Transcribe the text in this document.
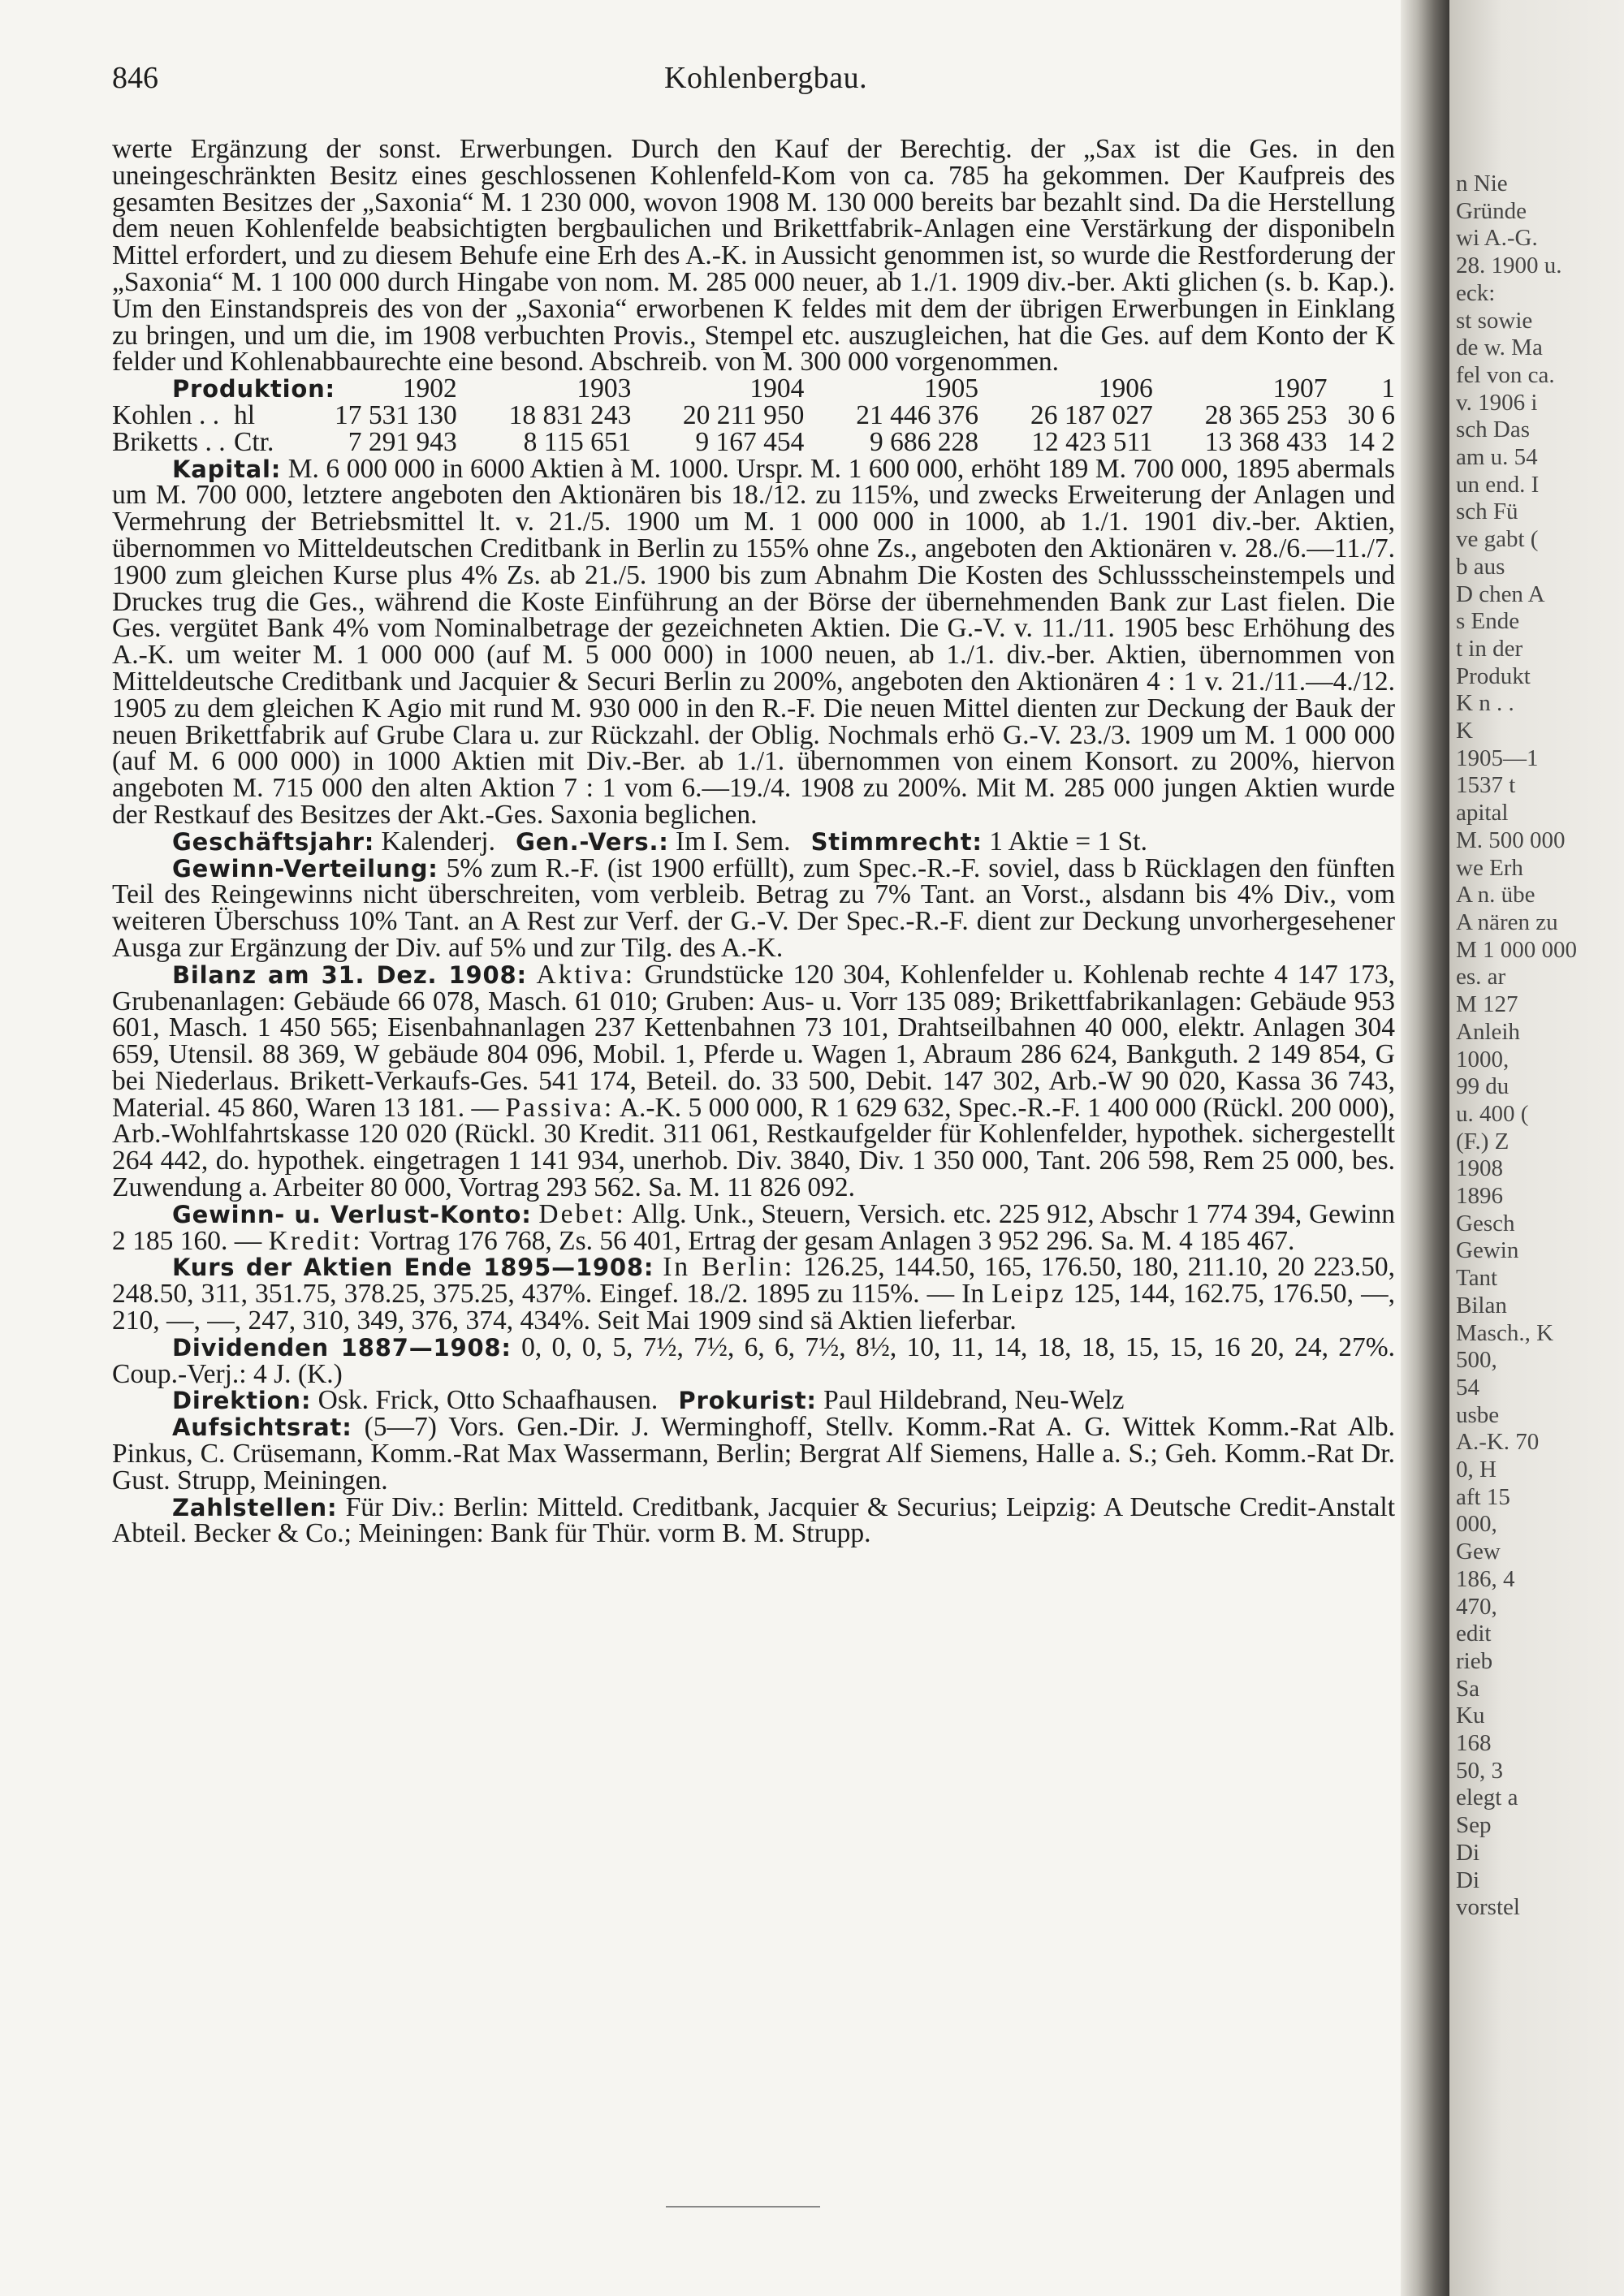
846	Kohlenbergbau.

werte Ergänzung der sonst. Erwerbungen. Durch den Kauf der Berechtig. der „Sax ist die Ges. in den uneingeschränkten Besitz eines geschlossenen Kohlenfeld-Kom von ca. 785 ha gekommen. Der Kaufpreis des gesamten Besitzes der „Saxonia“ M. 1 230 000, wovon 1908 M. 130 000 bereits bar bezahlt sind. Da die Herstellung dem neuen Kohlenfelde beabsichtigten bergbaulichen und Brikettfabrik-Anlagen eine Verstärkung der disponibeln Mittel erfordert, und zu diesem Behufe eine Erh des A.-K. in Aussicht genommen ist, so wurde die Restforderung der „Saxonia“ M. 1 100 000 durch Hingabe von nom. M. 285 000 neuer, ab 1./1. 1909 div.-ber. Akti glichen (s. b. Kap.). Um den Einstandspreis des von der „Saxonia“ erworbenen K feldes mit dem der übrigen Erwerbungen in Einklang zu bringen, und um die, im 1908 verbuchten Provis., Stempel etc. auszugleichen, hat die Ges. auf dem Konto der K felder und Kohlenabbaurechte eine besond. Abschreib. von M. 300 000 vorgenommen.

Produktion:

			1902	1903	1904	1905	1906	1907	1
Kohlen . .	hl	17 531 130	18 831 243	20 211 950	21 446 376	26 187 027	28 365 253	30 6
Briketts . .	Ctr.	7 291 943	8 115 651	9 167 454	9 686 228	12 423 511	13 368 433	14 2

Kapital: M. 6 000 000 in 6000 Aktien à M. 1000. Urspr. M. 1 600 000, erhöht 189 M. 700 000, 1895 abermals um M. 700 000, letztere angeboten den Aktionären bis 18./12. zu 115%, und zwecks Erweiterung der Anlagen und Vermehrung der Betriebsmittel lt. v. 21./5. 1900 um M. 1 000 000 in 1000, ab 1./1. 1901 div.-ber. Aktien, übernommen vo Mitteldeutschen Creditbank in Berlin zu 155% ohne Zs., angeboten den Aktionären v. 28./6.—11./7. 1900 zum gleichen Kurse plus 4% Zs. ab 21./5. 1900 bis zum Abnahm Die Kosten des Schlussscheinstempels und Druckes trug die Ges., während die Koste Einführung an der Börse der übernehmenden Bank zur Last fielen. Die Ges. vergütet Bank 4% vom Nominalbetrage der gezeichneten Aktien. Die G.-V. v. 11./11. 1905 besc Erhöhung des A.-K. um weiter M. 1 000 000 (auf M. 5 000 000) in 1000 neuen, ab 1./1. div.-ber. Aktien, übernommen von Mitteldeutsche Creditbank und Jacquier & Securi Berlin zu 200%, angeboten den Aktionären 4 : 1 v. 21./11.—4./12. 1905 zu dem gleichen K Agio mit rund M. 930 000 in den R.-F. Die neuen Mittel dienten zur Deckung der Bauk der neuen Brikettfabrik auf Grube Clara u. zur Rückzahl. der Oblig. Nochmals erhö G.-V. 23./3. 1909 um M. 1 000 000 (auf M. 6 000 000) in 1000 Aktien mit Div.-Ber. ab 1./1. übernommen von einem Konsort. zu 200%, hiervon angeboten M. 715 000 den alten Aktion 7 : 1 vom 6.—19./4. 1908 zu 200%. Mit M. 285 000 jungen Aktien wurde der Restkauf des Besitzes der Akt.-Ges. Saxonia beglichen.

Geschäftsjahr: Kalenderj. Gen.-Vers.: Im I. Sem. Stimmrecht: 1 Aktie = 1 St.

Gewinn-Verteilung: 5% zum R.-F. (ist 1900 erfüllt), zum Spec.-R.-F. soviel, dass b Rücklagen den fünften Teil des Reingewinns nicht überschreiten, vom verbleib. Betrag zu 7% Tant. an Vorst., alsdann bis 4% Div., vom weiteren Überschuss 10% Tant. an A Rest zur Verf. der G.-V. Der Spec.-R.-F. dient zur Deckung unvorhergesehener Ausga zur Ergänzung der Div. auf 5% und zur Tilg. des A.-K.

Bilanz am 31. Dez. 1908: Aktiva: Grundstücke 120 304, Kohlenfelder u. Kohlenab rechte 4 147 173, Grubenanlagen: Gebäude 66 078, Masch. 61 010; Gruben: Aus- u. Vorr 135 089; Brikettfabrikanlagen: Gebäude 953 601, Masch. 1 450 565; Eisenbahnanlagen 237 Kettenbahnen 73 101, Drahtseilbahnen 40 000, elektr. Anlagen 304 659, Utensil. 88 369, W gebäude 804 096, Mobil. 1, Pferde u. Wagen 1, Abraum 286 624, Bankguth. 2 149 854, G bei Niederlaus. Brikett-Verkaufs-Ges. 541 174, Beteil. do. 33 500, Debit. 147 302, Arb.-W 90 020, Kassa 36 743, Material. 45 860, Waren 13 181. — Passiva: A.-K. 5 000 000, R 1 629 632, Spec.-R.-F. 1 400 000 (Rückl. 200 000), Arb.-Wohlfahrtskasse 120 020 (Rückl. 30 Kredit. 311 061, Restkaufgelder für Kohlenfelder, hypothek. sichergestellt 264 442, do. hypothek. eingetragen 1 141 934, unerhob. Div. 3840, Div. 1 350 000, Tant. 206 598, Rem 25 000, bes. Zuwendung a. Arbeiter 80 000, Vortrag 293 562. Sa. M. 11 826 092.

Gewinn- u. Verlust-Konto: Debet: Allg. Unk., Steuern, Versich. etc. 225 912, Abschr 1 774 394, Gewinn 2 185 160. — Kredit: Vortrag 176 768, Zs. 56 401, Ertrag der gesam Anlagen 3 952 296. Sa. M. 4 185 467.

Kurs der Aktien Ende 1895—1908: In Berlin: 126.25, 144.50, 165, 176.50, 180, 211.10, 20 223.50, 248.50, 311, 351.75, 378.25, 375.25, 437%. Eingef. 18./2. 1895 zu 115%. — In Leipz 125, 144, 162.75, 176.50, —, 210, —, —, 247, 310, 349, 376, 374, 434%. Seit Mai 1909 sind sä Aktien lieferbar.

Dividenden 1887—1908: 0, 0, 0, 5, 7½, 7½, 6, 6, 7½, 8½, 10, 11, 14, 18, 18, 15, 15, 16 20, 24, 27%. Coup.-Verj.: 4 J. (K.)

Direktion: Osk. Frick, Otto Schaafhausen. Prokurist: Paul Hildebrand, Neu-Welz

Aufsichtsrat: (5—7) Vors. Gen.-Dir. J. Werminghoff, Stellv. Komm.-Rat A. G. Wittek Komm.-Rat Alb. Pinkus, C. Crüsemann, Komm.-Rat Max Wassermann, Berlin; Bergrat Alf Siemens, Halle a. S.; Geh. Komm.-Rat Dr. Gust. Strupp, Meiningen.

Zahlstellen: Für Div.: Berlin: Mitteld. Creditbank, Jacquier & Securius; Leipzig: A Deutsche Credit-Anstalt Abteil. Becker & Co.; Meiningen: Bank für Thür. vorm B. M. Strupp.

n Nie
Gründe
wi A.-G.
28. 1900 u.
eck:
st sowie
de w. Ma
fel von ca.
v. 1906 i
sch Das
am u. 54
un end. I
sch Fü
ve gabt (
b aus
D chen A
s Ende
t in der
Produkt
K n . .
K
1905—1
1537 t
apital
M. 500 000
we Erh
A n. übe
A nären zu
M 1 000 000
es. ar
M 127
Anleih
1000,
99 du
u. 400 (
(F.) Z
1908
1896
Gesch
Gewin
Tant
Bilan
Masch., K
500,
54
usbe
A.-K. 70
0, H
aft 15
000,
Gew
186, 4
470,
edit
rieb
Sa
Ku
168
50, 3
elegt a
Sep
Di
Di
vorstel
